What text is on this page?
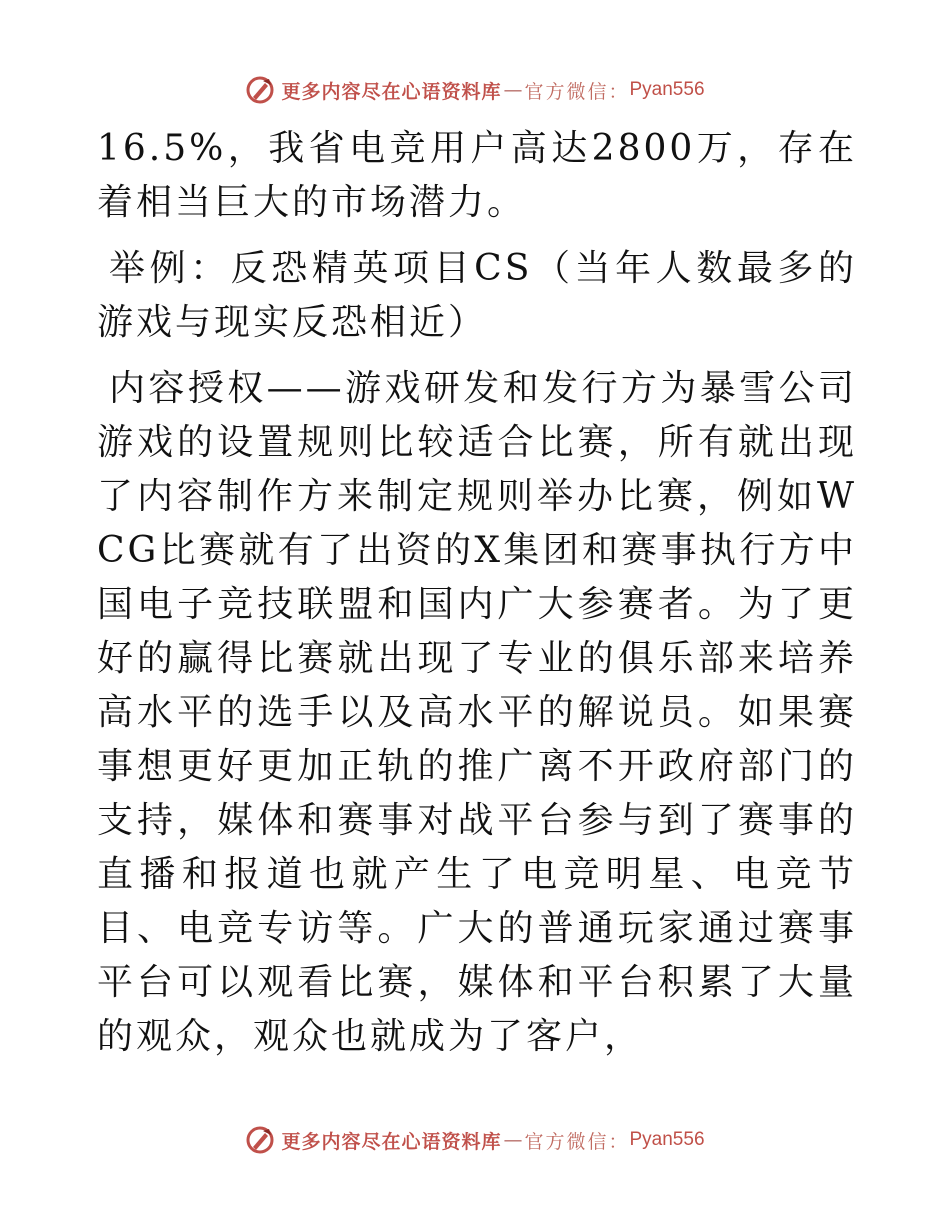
更多内容尽在心语资料库 — 官方微信： Pyan556

16.5%，我省电竞用户高达2800万，存在着相当巨大的市场潜力。

举例：反恐精英项目CS（当年人数最多的游戏与现实反恐相近）

内容授权——游戏研发和发行方为暴雪公司游戏的设置规则比较适合比赛，所有就出现了内容制作方来制定规则举办比赛，例如WCG比赛就有了出资的X集团和赛事执行方中国电子竞技联盟和国内广大参赛者。为了更好的赢得比赛就出现了专业的俱乐部来培养高水平的选手以及高水平的解说员。如果赛事想更好更加正轨的推广离不开政府部门的支持，媒体和赛事对战平台参与到了赛事的直播和报道也就产生了电竞明星、电竞节目、电竞专访等。广大的普通玩家通过赛事平台可以观看比赛，媒体和平台积累了大量的观众，观众也就成为了客户，

更多内容尽在心语资料库 — 官方微信： Pyan556
